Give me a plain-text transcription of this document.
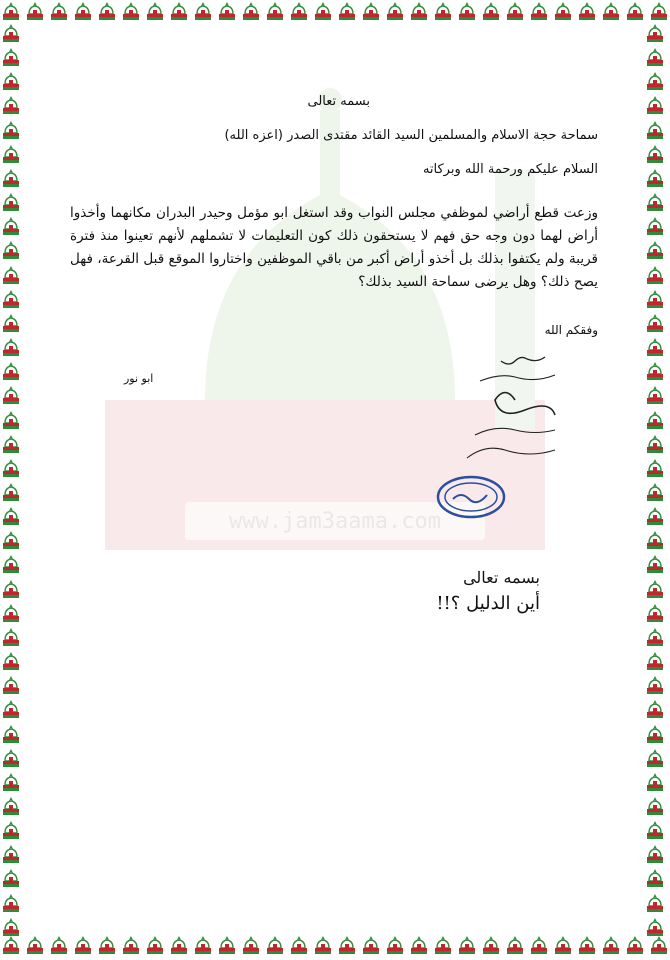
www.jam3aama.com
بسمه تعالى
سماحة حجة الاسلام والمسلمين السيد القائد مقتدى الصدر (اعزه الله)
السلام عليكم ورحمة الله وبركاته
وزعت قطع أراضي لموظفي مجلس النواب وقد استغل ابو مؤمل وحيدر البدران مكانهما وأخذوا أراض لهما دون وجه حق فهم لا يستحقون ذلك كون التعليمات لا تشملهم لأنهم تعينوا منذ فترة قريبة ولم يكتفوا بذلك بل أخذو أراض أكبر من باقي الموظفين واختاروا الموقع قبل القرعة، فهل يصح ذلك؟ وهل يرضى سماحة السيد بذلك؟
وفقكم الله
ابو نور
بسمه تعالى
أين الدليل ؟!!
